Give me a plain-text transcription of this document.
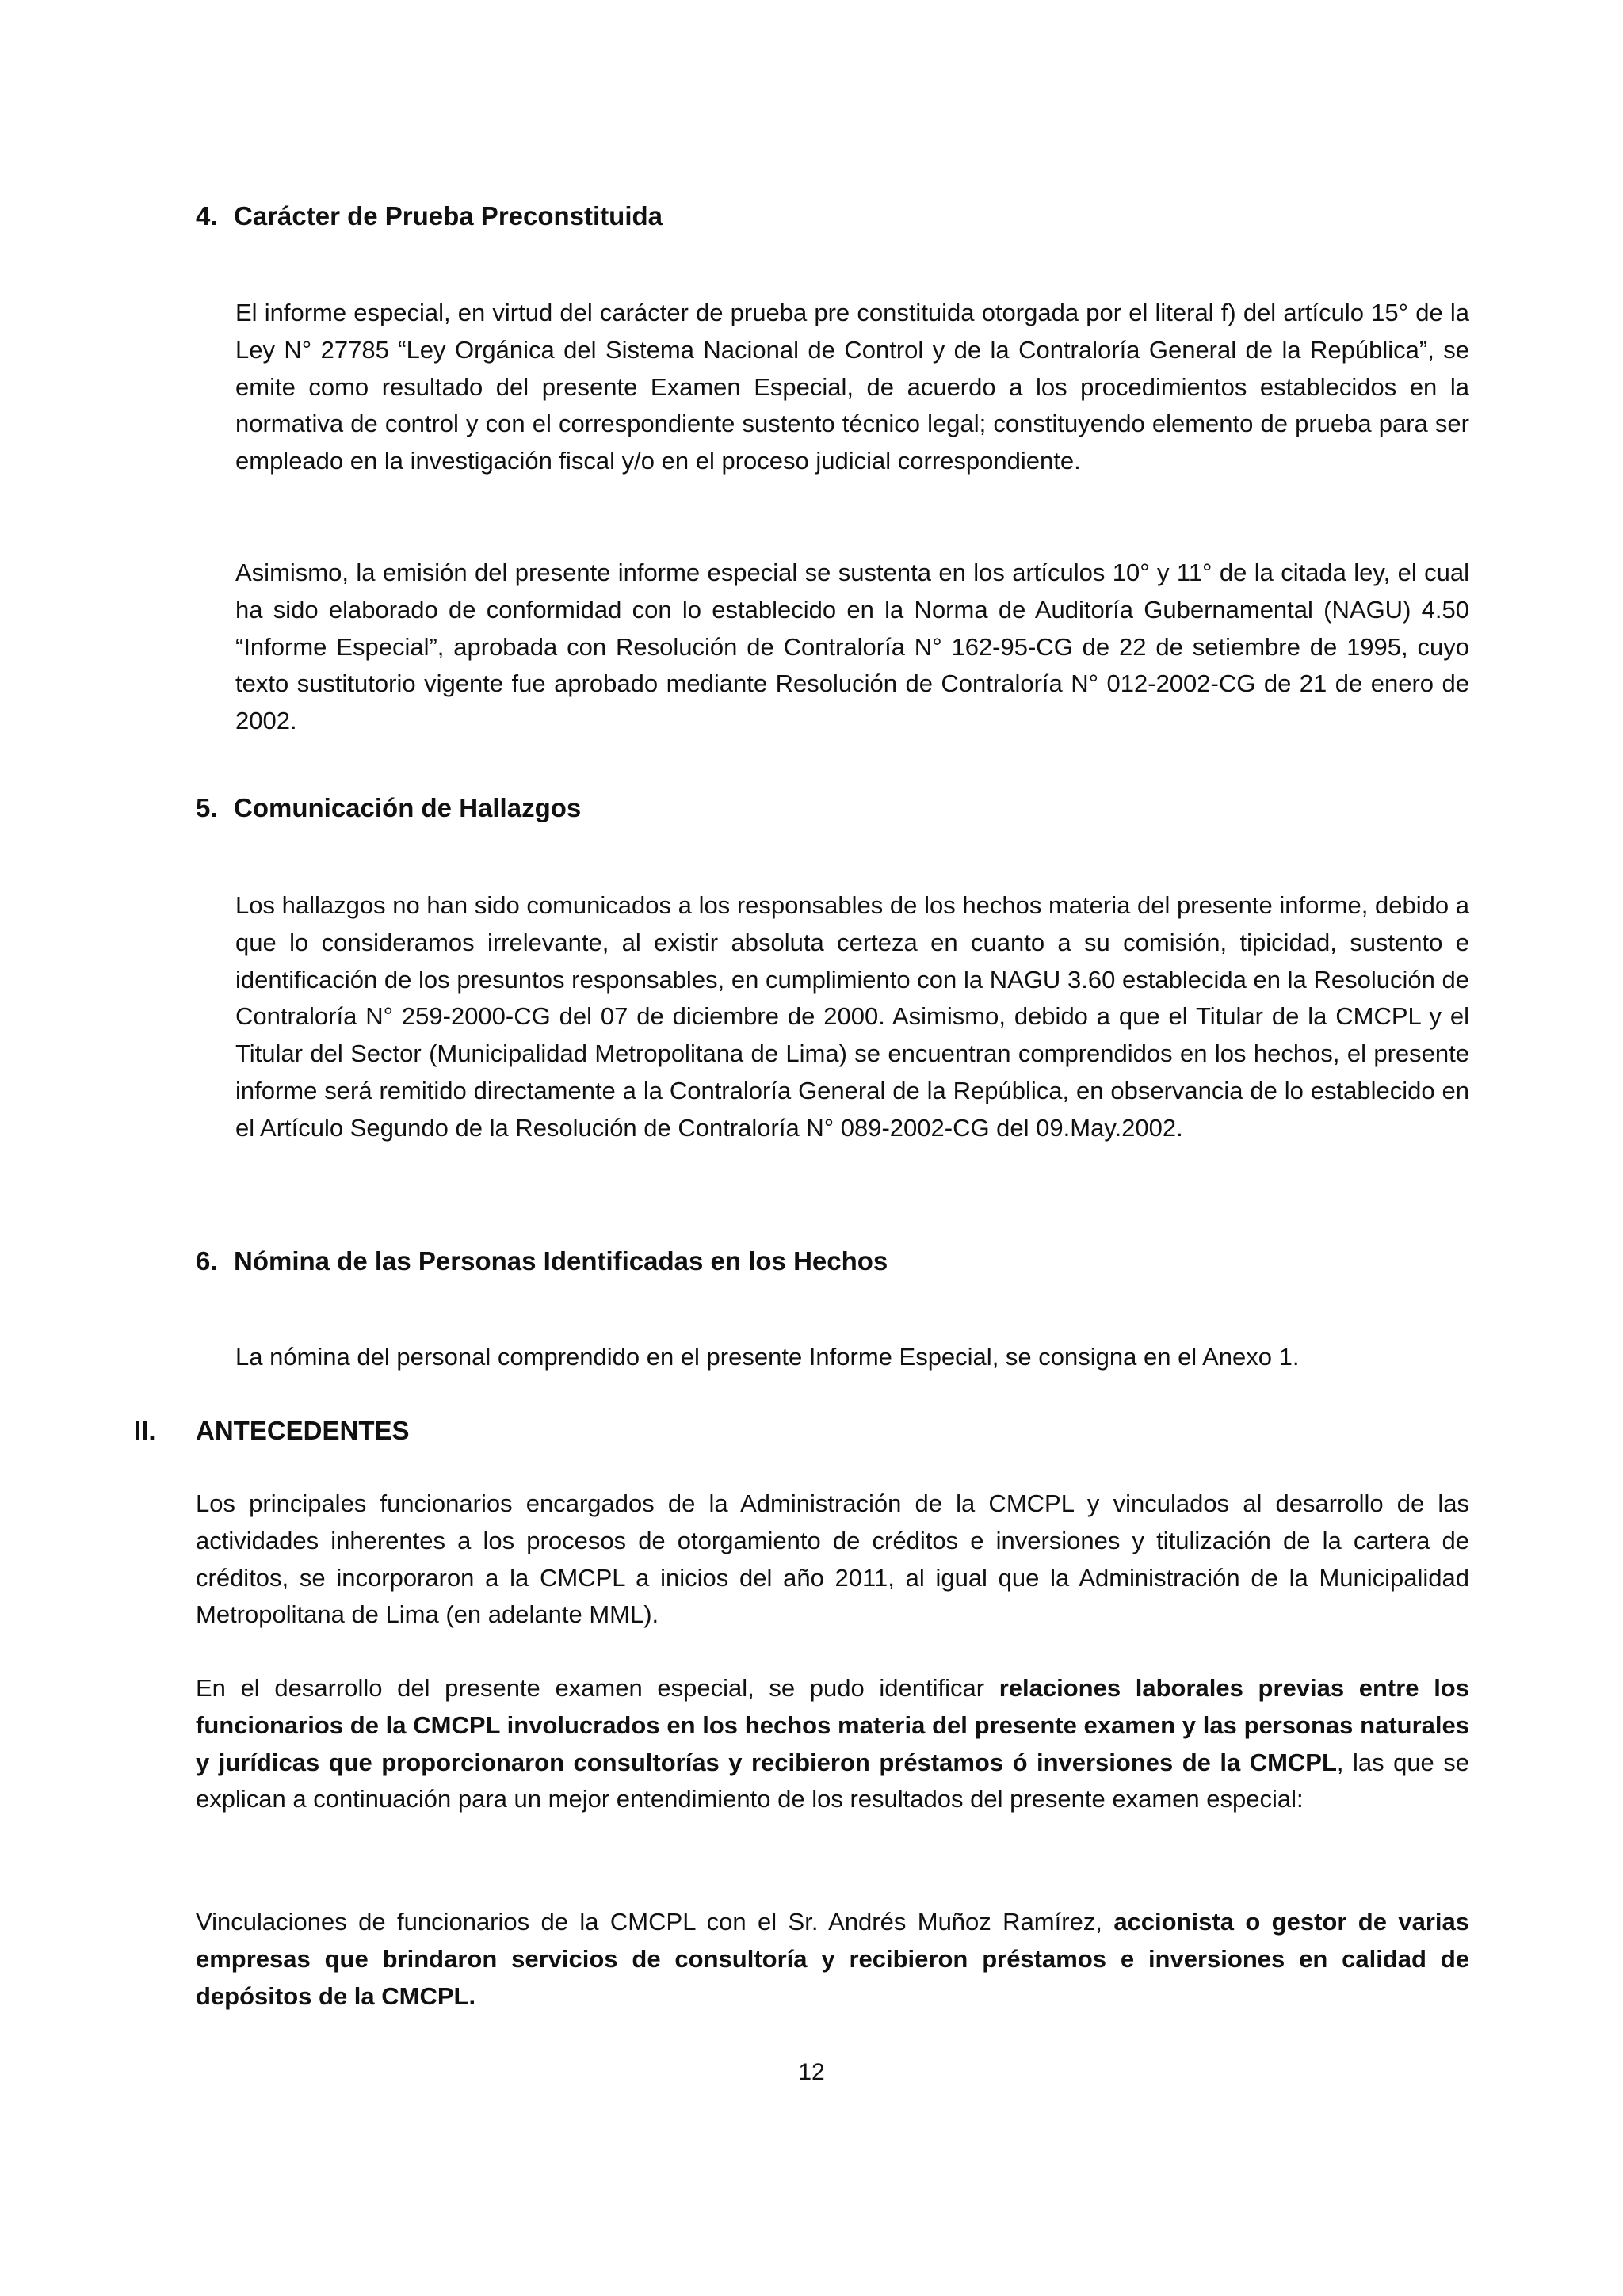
4. Carácter de Prueba Preconstituida

El informe especial, en virtud del carácter de prueba pre constituida otorgada por el literal f) del artículo 15° de la Ley N° 27785 “Ley Orgánica del Sistema Nacional de Control y de la Contraloría General de la República”, se emite como resultado del presente Examen Especial, de acuerdo a los procedimientos establecidos en la normativa de control y con el correspondiente sustento técnico legal; constituyendo elemento de prueba para ser empleado en la investigación fiscal y/o en el proceso judicial correspondiente.

Asimismo, la emisión del presente informe especial se sustenta en los artículos 10° y 11° de la citada ley, el cual ha sido elaborado de conformidad con lo establecido en la Norma de Auditoría Gubernamental (NAGU) 4.50 “Informe Especial”, aprobada con Resolución de Contraloría N° 162-95-CG de 22 de setiembre de 1995, cuyo texto sustitutorio vigente fue aprobado mediante Resolución de Contraloría N° 012-2002-CG de 21 de enero de 2002.

5. Comunicación de Hallazgos

Los hallazgos no han sido comunicados a los responsables de los hechos materia del presente informe, debido a que lo consideramos irrelevante, al existir absoluta certeza en cuanto a su comisión, tipicidad, sustento e identificación de los presuntos responsables, en cumplimiento con la NAGU 3.60 establecida en la Resolución de Contraloría N° 259-2000-CG del 07 de diciembre de 2000. Asimismo, debido a que el Titular de la CMCPL y el Titular del Sector (Municipalidad Metropolitana de Lima) se encuentran comprendidos en los hechos, el presente informe será remitido directamente a la Contraloría General de la República, en observancia de lo establecido en el Artículo Segundo de la Resolución de Contraloría N° 089-2002-CG del 09.May.2002.

6. Nómina de las Personas Identificadas en los Hechos

La nómina del personal comprendido en el presente Informe Especial, se consigna en el Anexo 1.

II. ANTECEDENTES

Los principales funcionarios encargados de la Administración de la CMCPL y vinculados al desarrollo de las actividades inherentes a los procesos de otorgamiento de créditos e inversiones y titulización de la cartera de créditos, se incorporaron a la CMCPL a inicios del año 2011, al igual que la Administración de la Municipalidad Metropolitana de Lima (en adelante MML).

En el desarrollo del presente examen especial, se pudo identificar relaciones laborales previas entre los funcionarios de la CMCPL involucrados en los hechos materia del presente examen y las personas naturales y jurídicas que proporcionaron consultorías y recibieron préstamos ó inversiones de la CMCPL, las que se explican a continuación para un mejor entendimiento de los resultados del presente examen especial:

Vinculaciones de funcionarios de la CMCPL con el Sr. Andrés Muñoz Ramírez, accionista o gestor de varias empresas que brindaron servicios de consultoría y recibieron préstamos e inversiones en calidad de depósitos de la CMCPL.

12
